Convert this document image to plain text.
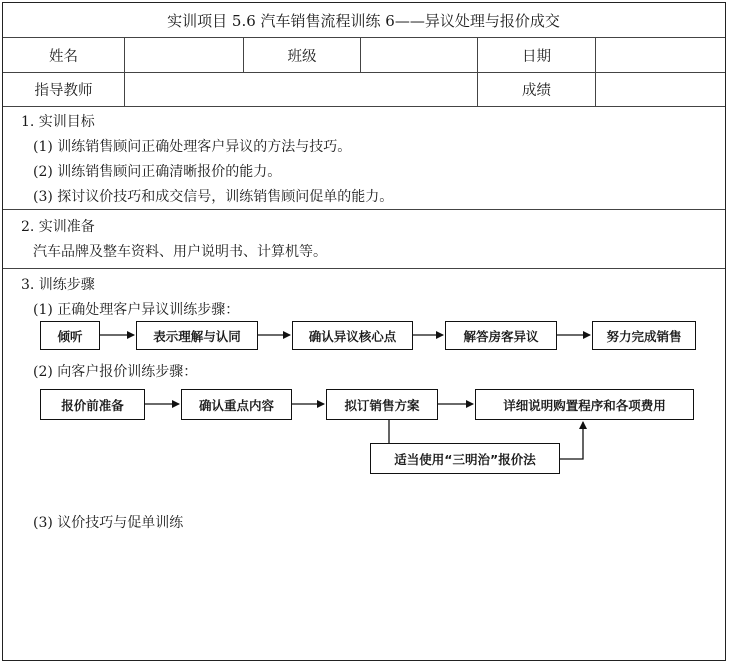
实训项目 5.6 汽车销售流程训练 6——异议处理与报价成交
姓名	班级	日期
指导教师	成绩
1. 实训目标
(1) 训练销售顾问正确处理客户异议的方法与技巧。
(2) 训练销售顾问正确清晰报价的能力。
(3) 探讨议价技巧和成交信号，训练销售顾问促单的能力。
2. 实训准备
汽车品牌及整车资料、用户说明书、计算机等。
3. 训练步骤
(1) 正确处理客户异议训练步骤：
倾听	表示理解与认同	确认异议核心点	解答房客异议	努力完成销售
(2) 向客户报价训练步骤：
报价前准备	确认重点内容	拟订销售方案	详细说明购置程序和各项费用
适当使用“三明治”报价法
(3) 议价技巧与促单训练
